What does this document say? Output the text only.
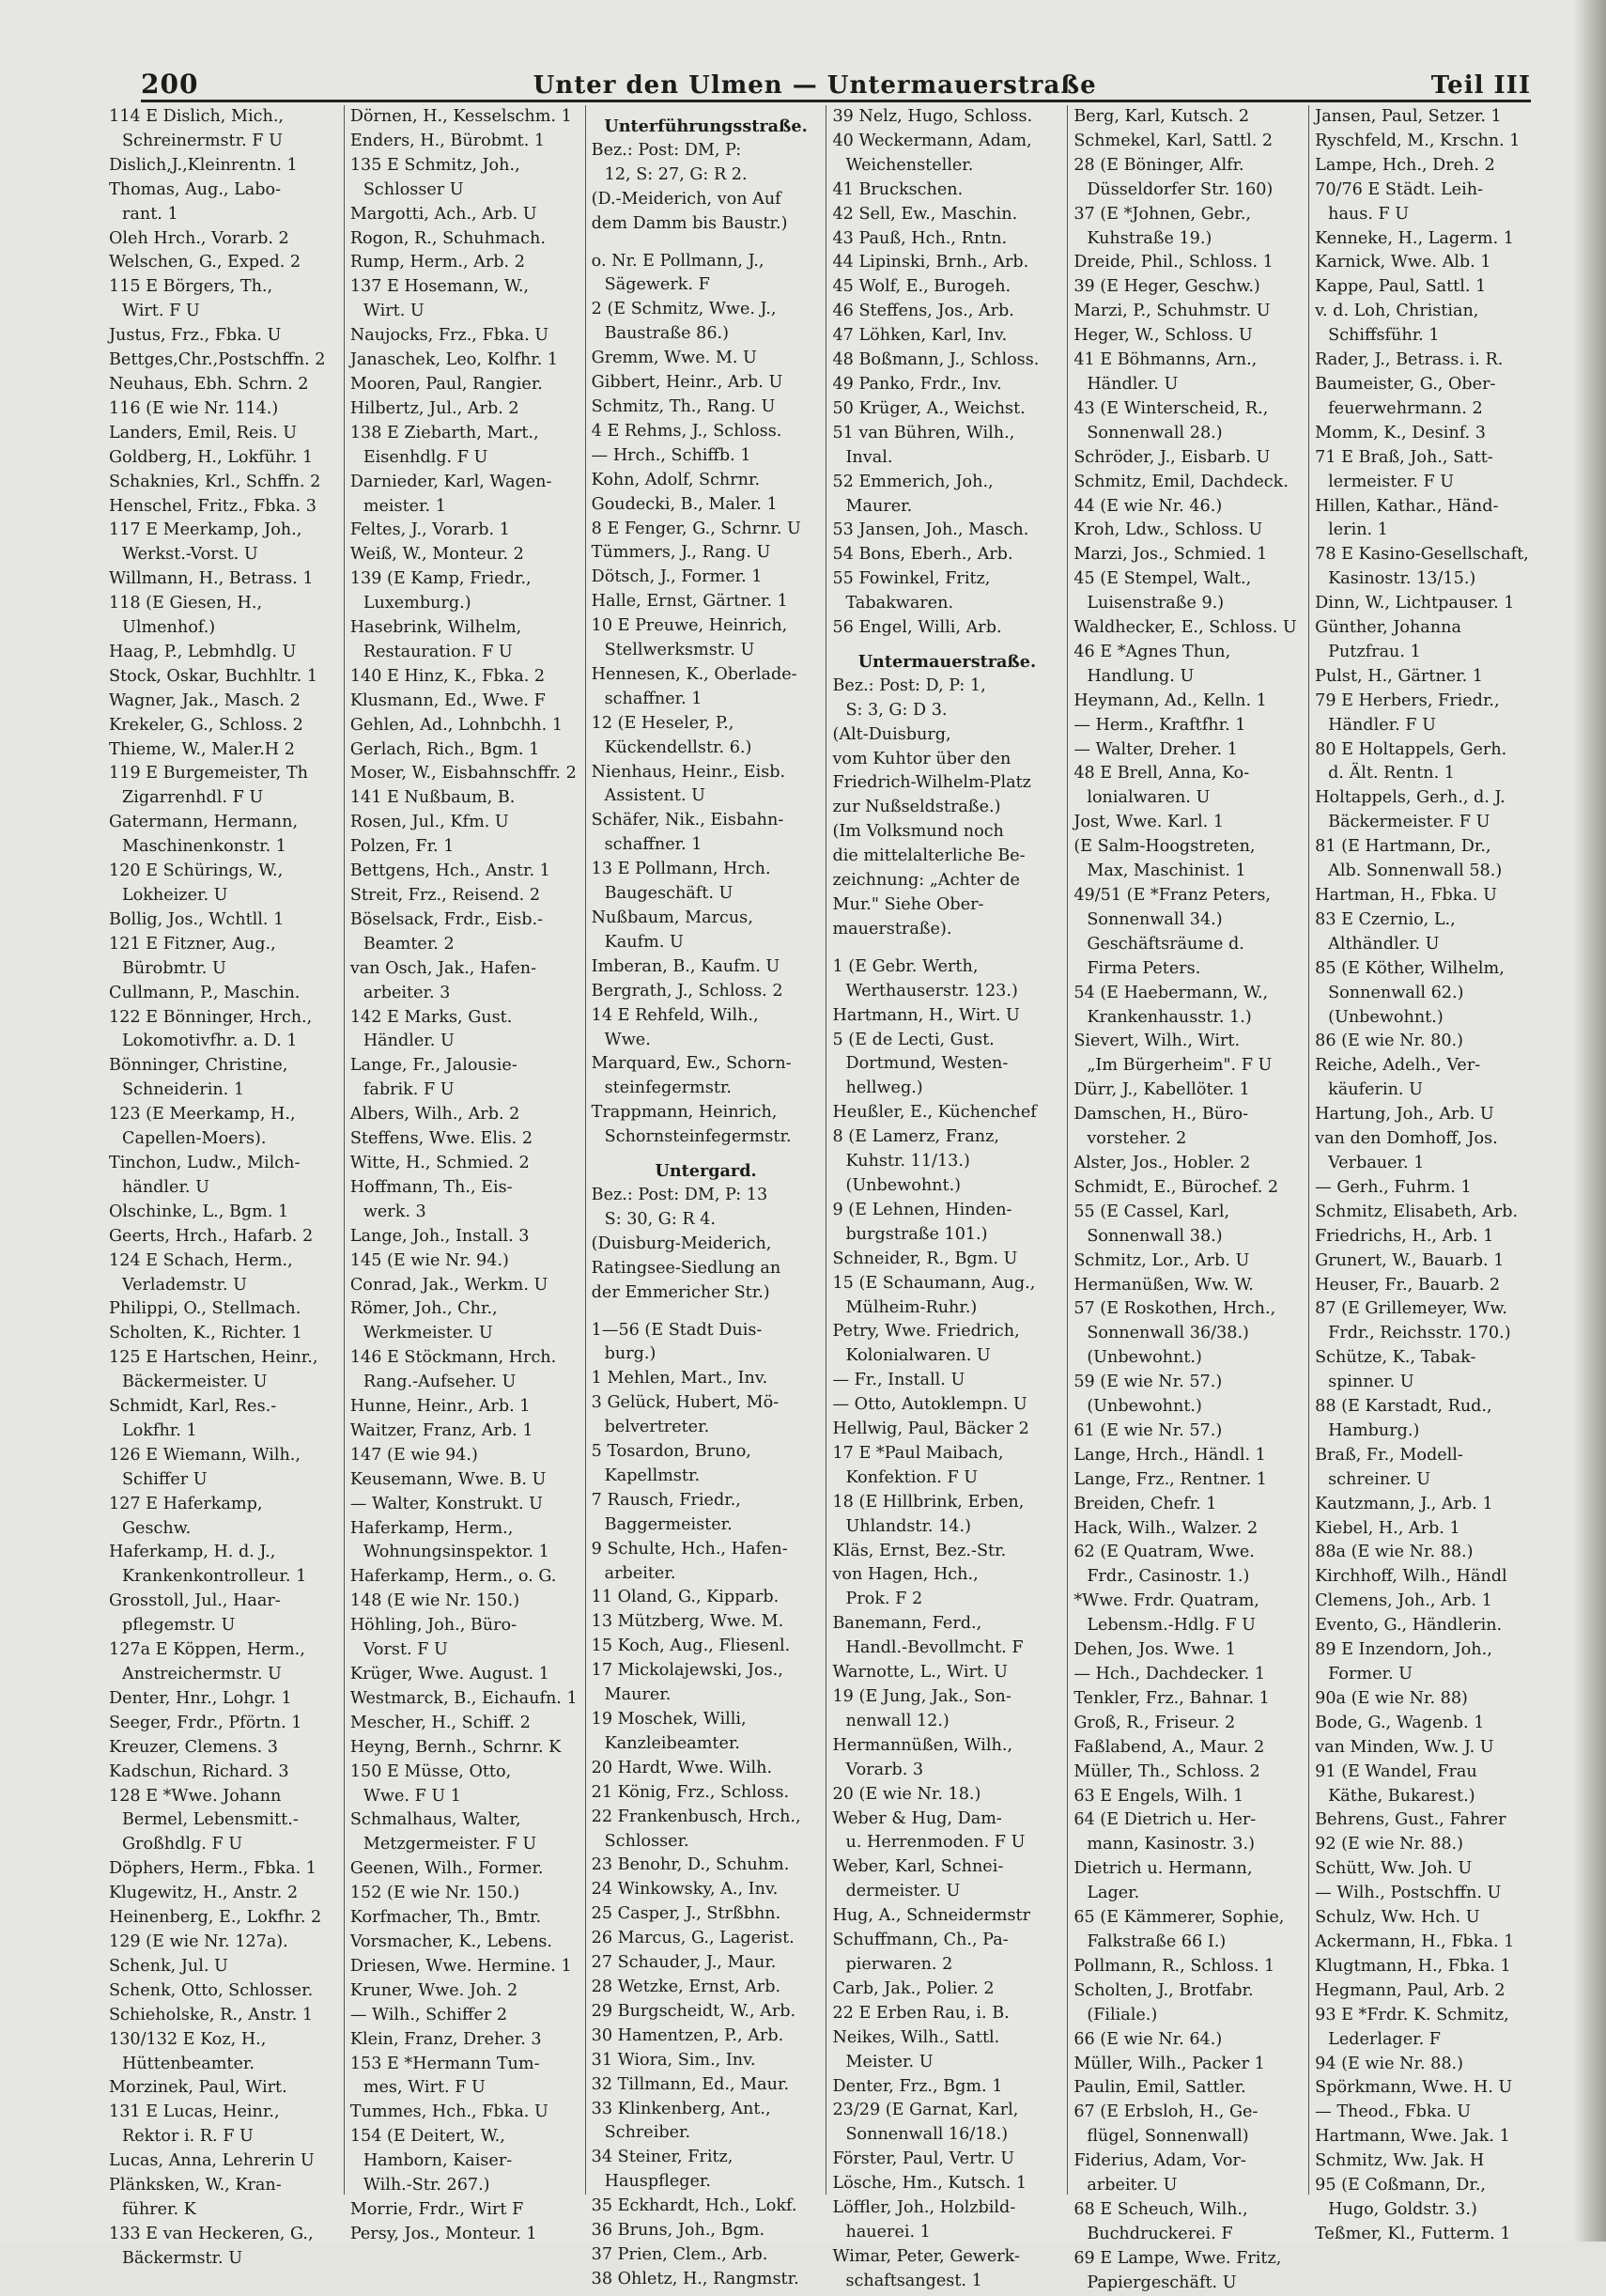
200	Unter den Ulmen — Untermauerstraße	Teil III
114 E Dislich, Mich.,
Schreinermstr. F U
Dislich,J.,Kleinrentn. 1
Thomas, Aug., Labo-
rant. 1
Oleh Hrch., Vorarb. 2
Welschen, G., Exped. 2
115 E Börgers, Th.,
Wirt. F U
Justus, Frz., Fbka. U
Bettges,Chr.,Postschffn. 2
Neuhaus, Ebh. Schrn. 2
116 (E wie Nr. 114.)
Landers, Emil, Reis. U
Goldberg, H., Lokführ. 1
Schaknies, Krl., Schffn. 2
Henschel, Fritz., Fbka. 3
117 E Meerkamp, Joh.,
Werkst.-Vorst. U
Willmann, H., Betrass. 1
118 (E Giesen, H.,
Ulmenhof.)
Haag, P., Lebmhdlg. U
Stock, Oskar, Buchhltr. 1
Wagner, Jak., Masch. 2
Krekeler, G., Schloss. 2
Thieme, W., Maler.H 2
119 E Burgemeister, Th
Zigarrenhdl. F U
Gatermann, Hermann,
Maschinenkonstr. 1
120 E Schürings, W.,
Lokheizer. U
Bollig, Jos., Wchtll. 1
121 E Fitzner, Aug.,
Bürobmtr. U
Cullmann, P., Maschin.
122 E Bönninger, Hrch.,
Lokomotivfhr. a. D. 1
Bönninger, Christine,
Schneiderin. 1
123 (E Meerkamp, H.,
Capellen-Moers).
Tinchon, Ludw., Milch-
händler. U
Olschinke, L., Bgm. 1
Geerts, Hrch., Hafarb. 2
124 E Schach, Herm.,
Verlademstr. U
Philippi, O., Stellmach.
Scholten, K., Richter. 1
125 E Hartschen, Heinr.,
Bäckermeister. U
Schmidt, Karl, Res.-
Lokfhr. 1
126 E Wiemann, Wilh.,
Schiffer U
127 E Haferkamp,
Geschw.
Haferkamp, H. d. J.,
Krankenkontrolleur. 1
Grosstoll, Jul., Haar-
pflegemstr. U
127a E Köppen, Herm.,
Anstreichermstr. U
Denter, Hnr., Lohgr. 1
Seeger, Frdr., Pförtn. 1
Kreuzer, Clemens. 3
Kadschun, Richard. 3
128 E *Wwe. Johann
Bermel, Lebensmitt.-
Großhdlg. F U
Döphers, Herm., Fbka. 1
Klugewitz, H., Anstr. 2
Heinenberg, E., Lokfhr. 2
129 (E wie Nr. 127a).
Schenk, Jul. U
Schenk, Otto, Schlosser.
Schieholske, R., Anstr. 1
130/132 E Koz, H.,
Hüttenbeamter.
Morzinek, Paul, Wirt.
131 E Lucas, Heinr.,
Rektor i. R. F U
Lucas, Anna, Lehrerin U
Plänksken, W., Kran-
führer. K
133 E van Heckeren, G.,
Bäckermstr. U
Dörnen, H., Kesselschm. 1
Enders, H., Bürobmt. 1
135 E Schmitz, Joh.,
Schlosser U
Margotti, Ach., Arb. U
Rogon, R., Schuhmach.
Rump, Herm., Arb. 2
137 E Hosemann, W.,
Wirt. U
Naujocks, Frz., Fbka. U
Janaschek, Leo, Kolfhr. 1
Mooren, Paul, Rangier.
Hilbertz, Jul., Arb. 2
138 E Ziebarth, Mart.,
Eisenhdlg. F U
Darnieder, Karl, Wagen-
meister. 1
Feltes, J., Vorarb. 1
Weiß, W., Monteur. 2
139 (E Kamp, Friedr.,
Luxemburg.)
Hasebrink, Wilhelm,
Restauration. F U
140 E Hinz, K., Fbka. 2
Klusmann, Ed., Wwe. F
Gehlen, Ad., Lohnbchh. 1
Gerlach, Rich., Bgm. 1
Moser, W., Eisbahnschffr. 2
141 E Nußbaum, B.
Rosen, Jul., Kfm. U
Polzen, Fr. 1
Bettgens, Hch., Anstr. 1
Streit, Frz., Reisend. 2
Böselsack, Frdr., Eisb.-
Beamter. 2
van Osch, Jak., Hafen-
arbeiter. 3
142 E Marks, Gust.
Händler. U
Lange, Fr., Jalousie-
fabrik. F U
Albers, Wilh., Arb. 2
Steffens, Wwe. Elis. 2
Witte, H., Schmied. 2
Hoffmann, Th., Eis-
werk. 3
Lange, Joh., Install. 3
145 (E wie Nr. 94.)
Conrad, Jak., Werkm. U
Römer, Joh., Chr.,
Werkmeister. U
146 E Stöckmann, Hrch.
Rang.-Aufseher. U
Hunne, Heinr., Arb. 1
Waitzer, Franz, Arb. 1
147 (E wie 94.)
Keusemann, Wwe. B. U
— Walter, Konstrukt. U
Haferkamp, Herm.,
Wohnungsinspektor. 1
Haferkamp, Herm., o. G.
148 (E wie Nr. 150.)
Höhling, Joh., Büro-
Vorst. F U
Krüger, Wwe. August. 1
Westmarck, B., Eichaufn. 1
Mescher, H., Schiff. 2
Heyng, Bernh., Schrnr. K
150 E Müsse, Otto,
Wwe. F U 1
Schmalhaus, Walter,
Metzgermeister. F U
Geenen, Wilh., Former.
152 (E wie Nr. 150.)
Korfmacher, Th., Bmtr.
Vorsmacher, K., Lebens.
Driesen, Wwe. Hermine. 1
Kruner, Wwe. Joh. 2
— Wilh., Schiffer 2
Klein, Franz, Dreher. 3
153 E *Hermann Tum-
mes, Wirt. F U
Tummes, Hch., Fbka. U
154 (E Deitert, W.,
Hamborn, Kaiser-
Wilh.-Str. 267.)
Morrie, Frdr., Wirt F
Persy, Jos., Monteur. 1
Unterführungsstraße.
Bez.: Post: DM, P:
12, S: 27, G: R 2.
(D.-Meiderich, von Auf
dem Damm bis Baustr.)
o. Nr. E Pollmann, J.,
Sägewerk. F
2 (E Schmitz, Wwe. J.,
Baustraße 86.)
Gremm, Wwe. M. U
Gibbert, Heinr., Arb. U
Schmitz, Th., Rang. U
4 E Rehms, J., Schloss.
— Hrch., Schiffb. 1
Kohn, Adolf, Schrnr.
Goudecki, B., Maler. 1
8 E Fenger, G., Schrnr. U
Tümmers, J., Rang. U
Dötsch, J., Former. 1
Halle, Ernst, Gärtner. 1
10 E Preuwe, Heinrich,
Stellwerksmstr. U
Hennesen, K., Oberlade-
schaffner. 1
12 (E Heseler, P.,
Kückendellstr. 6.)
Nienhaus, Heinr., Eisb.
Assistent. U
Schäfer, Nik., Eisbahn-
schaffner. 1
13 E Pollmann, Hrch.
Baugeschäft. U
Nußbaum, Marcus,
Kaufm. U
Imberan, B., Kaufm. U
Bergrath, J., Schloss. 2
14 E Rehfeld, Wilh.,
Wwe.
Marquard, Ew., Schorn-
steinfegermstr.
Trappmann, Heinrich,
Schornsteinfegermstr.
Untergard.
Bez.: Post: DM, P: 13
S: 30, G: R 4.
(Duisburg-Meiderich,
Ratingsee-Siedlung an
der Emmericher Str.)
1—56 (E Stadt Duis-
burg.)
1 Mehlen, Mart., Inv.
3 Gelück, Hubert, Mö-
belvertreter.
5 Tosardon, Bruno,
Kapellmstr.
7 Rausch, Friedr.,
Baggermeister.
9 Schulte, Hch., Hafen-
arbeiter.
11 Oland, G., Kipparb.
13 Mützberg, Wwe. M.
15 Koch, Aug., Fliesenl.
17 Mickolajewski, Jos.,
Maurer.
19 Moschek, Willi,
Kanzleibeamter.
20 Hardt, Wwe. Wilh.
21 König, Frz., Schloss.
22 Frankenbusch, Hrch.,
Schlosser.
23 Benohr, D., Schuhm.
24 Winkowsky, A., Inv.
25 Casper, J., Strßbhn.
26 Marcus, G., Lagerist.
27 Schauder, J., Maur.
28 Wetzke, Ernst, Arb.
29 Burgscheidt, W., Arb.
30 Hamentzen, P., Arb.
31 Wiora, Sim., Inv.
32 Tillmann, Ed., Maur.
33 Klinkenberg, Ant.,
Schreiber.
34 Steiner, Fritz,
Hauspfleger.
35 Eckhardt, Hch., Lokf.
36 Bruns, Joh., Bgm.
37 Prien, Clem., Arb.
38 Ohletz, H., Rangmstr.
39 Nelz, Hugo, Schloss.
40 Weckermann, Adam,
Weichensteller.
41 Bruckschen.
42 Sell, Ew., Maschin.
43 Pauß, Hch., Rntn.
44 Lipinski, Brnh., Arb.
45 Wolf, E., Burogeh.
46 Steffens, Jos., Arb.
47 Löhken, Karl, Inv.
48 Boßmann, J., Schloss.
49 Panko, Frdr., Inv.
50 Krüger, A., Weichst.
51 van Bühren, Wilh.,
Inval.
52 Emmerich, Joh.,
Maurer.
53 Jansen, Joh., Masch.
54 Bons, Eberh., Arb.
55 Fowinkel, Fritz,
Tabakwaren.
56 Engel, Willi, Arb.
Untermauerstraße.
Bez.: Post: D, P: 1,
S: 3, G: D 3.
(Alt-Duisburg,
vom Kuhtor über den
Friedrich-Wilhelm-Platz
zur Nußseldstraße.)
(Im Volksmund noch
die mittelalterliche Be-
zeichnung: „Achter de
Mur." Siehe Ober-
mauerstraße).
1 (E Gebr. Werth,
Werthauserstr. 123.)
Hartmann, H., Wirt. U
5 (E de Lecti, Gust.
Dortmund, Westen-
hellweg.)
Heußler, E., Küchenchef
8 (E Lamerz, Franz,
Kuhstr. 11/13.)
(Unbewohnt.)
9 (E Lehnen, Hinden-
burgstraße 101.)
Schneider, R., Bgm. U
15 (E Schaumann, Aug.,
Mülheim-Ruhr.)
Petry, Wwe. Friedrich,
Kolonialwaren. U
— Fr., Install. U
— Otto, Autoklempn. U
Hellwig, Paul, Bäcker 2
17 E *Paul Maibach,
Konfektion. F U
18 (E Hillbrink, Erben,
Uhlandstr. 14.)
Kläs, Ernst, Bez.-Str.
von Hagen, Hch.,
Prok. F 2
Banemann, Ferd.,
Handl.-Bevollmcht. F
Warnotte, L., Wirt. U
19 (E Jung, Jak., Son-
nenwall 12.)
Hermannüßen, Wilh.,
Vorarb. 3
20 (E wie Nr. 18.)
Weber & Hug, Dam-
u. Herrenmoden. F U
Weber, Karl, Schnei-
dermeister. U
Hug, A., Schneidermstr
Schuffmann, Ch., Pa-
pierwaren. 2
Carb, Jak., Polier. 2
22 E Erben Rau, i. B.
Neikes, Wilh., Sattl.
Meister. U
Denter, Frz., Bgm. 1
23/29 (E Garnat, Karl,
Sonnenwall 16/18.)
Förster, Paul, Vertr. U
Lösche, Hm., Kutsch. 1
Löffler, Joh., Holzbild-
hauerei. 1
Wimar, Peter, Gewerk-
schaftsangest. 1
Berg, Karl, Kutsch. 2
Schmekel, Karl, Sattl. 2
28 (E Böninger, Alfr.
Düsseldorfer Str. 160)
37 (E *Johnen, Gebr.,
Kuhstraße 19.)
Dreide, Phil., Schloss. 1
39 (E Heger, Geschw.)
Marzi, P., Schuhmstr. U
Heger, W., Schloss. U
41 E Böhmanns, Arn.,
Händler. U
43 (E Winterscheid, R.,
Sonnenwall 28.)
Schröder, J., Eisbarb. U
Schmitz, Emil, Dachdeck.
44 (E wie Nr. 46.)
Kroh, Ldw., Schloss. U
Marzi, Jos., Schmied. 1
45 (E Stempel, Walt.,
Luisenstraße 9.)
Waldhecker, E., Schloss. U
46 E *Agnes Thun,
Handlung. U
Heymann, Ad., Kelln. 1
— Herm., Kraftfhr. 1
— Walter, Dreher. 1
48 E Brell, Anna, Ko-
lonialwaren. U
Jost, Wwe. Karl. 1
(E Salm-Hoogstreten,
Max, Maschinist. 1
49/51 (E *Franz Peters,
Sonnenwall 34.)
Geschäftsräume d.
Firma Peters.
54 (E Haebermann, W.,
Krankenhausstr. 1.)
Sievert, Wilh., Wirt.
„Im Bürgerheim". F U
Dürr, J., Kabellöter. 1
Damschen, H., Büro-
vorsteher. 2
Alster, Jos., Hobler. 2
Schmidt, E., Bürochef. 2
55 (E Cassel, Karl,
Sonnenwall 38.)
Schmitz, Lor., Arb. U
Hermanüßen, Ww. W.
57 (E Roskothen, Hrch.,
Sonnenwall 36/38.)
(Unbewohnt.)
59 (E wie Nr. 57.)
(Unbewohnt.)
61 (E wie Nr. 57.)
Lange, Hrch., Händl. 1
Lange, Frz., Rentner. 1
Breiden, Chefr. 1
Hack, Wilh., Walzer. 2
62 (E Quatram, Wwe.
Frdr., Casinostr. 1.)
*Wwe. Frdr. Quatram,
Lebensm.-Hdlg. F U
Dehen, Jos. Wwe. 1
— Hch., Dachdecker. 1
Tenkler, Frz., Bahnar. 1
Groß, R., Friseur. 2
Faßlabend, A., Maur. 2
Müller, Th., Schloss. 2
63 E Engels, Wilh. 1
64 (E Dietrich u. Her-
mann, Kasinostr. 3.)
Dietrich u. Hermann,
Lager.
65 (E Kämmerer, Sophie,
Falkstraße 66 I.)
Pollmann, R., Schloss. 1
Scholten, J., Brotfabr.
(Filiale.)
66 (E wie Nr. 64.)
Müller, Wilh., Packer 1
Paulin, Emil, Sattler.
67 (E Erbsloh, H., Ge-
flügel, Sonnenwall)
Fiderius, Adam, Vor-
arbeiter. U
68 E Scheuch, Wilh.,
Buchdruckerei. F
69 E Lampe, Wwe. Fritz,
Papiergeschäft. U
Jansen, Paul, Setzer. 1
Ryschfeld, M., Krschn. 1
Lampe, Hch., Dreh. 2
70/76 E Städt. Leih-
haus. F U
Kenneke, H., Lagerm. 1
Karnick, Wwe. Alb. 1
Kappe, Paul, Sattl. 1
v. d. Loh, Christian,
Schiffsführ. 1
Rader, J., Betrass. i. R.
Baumeister, G., Ober-
feuerwehrmann. 2
Momm, K., Desinf. 3
71 E Braß, Joh., Satt-
lermeister. F U
Hillen, Kathar., Händ-
lerin. 1
78 E Kasino-Gesellschaft,
Kasinostr. 13/15.)
Dinn, W., Lichtpauser. 1
Günther, Johanna
Putzfrau. 1
Pulst, H., Gärtner. 1
79 E Herbers, Friedr.,
Händler. F U
80 E Holtappels, Gerh.
d. Ält. Rentn. 1
Holtappels, Gerh., d. J.
Bäckermeister. F U
81 (E Hartmann, Dr.,
Alb. Sonnenwall 58.)
Hartman, H., Fbka. U
83 E Czernio, L.,
Althändler. U
85 (E Köther, Wilhelm,
Sonnenwall 62.)
(Unbewohnt.)
86 (E wie Nr. 80.)
Reiche, Adelh., Ver-
käuferin. U
Hartung, Joh., Arb. U
van den Domhoff, Jos.
Verbauer. 1
— Gerh., Fuhrm. 1
Schmitz, Elisabeth, Arb.
Friedrichs, H., Arb. 1
Grunert, W., Bauarb. 1
Heuser, Fr., Bauarb. 2
87 (E Grillemeyer, Ww.
Frdr., Reichsstr. 170.)
Schütze, K., Tabak-
spinner. U
88 (E Karstadt, Rud.,
Hamburg.)
Braß, Fr., Modell-
schreiner. U
Kautzmann, J., Arb. 1
Kiebel, H., Arb. 1
88a (E wie Nr. 88.)
Kirchhoff, Wilh., Händl
Clemens, Joh., Arb. 1
Evento, G., Händlerin.
89 E Inzendorn, Joh.,
Former. U
90a (E wie Nr. 88)
Bode, G., Wagenb. 1
van Minden, Ww. J. U
91 (E Wandel, Frau
Käthe, Bukarest.)
Behrens, Gust., Fahrer
92 (E wie Nr. 88.)
Schütt, Ww. Joh. U
— Wilh., Postschffn. U
Schulz, Ww. Hch. U
Ackermann, H., Fbka. 1
Klugtmann, H., Fbka. 1
Hegmann, Paul, Arb. 2
93 E *Frdr. K. Schmitz,
Lederlager. F
94 (E wie Nr. 88.)
Spörkmann, Wwe. H. U
— Theod., Fbka. U
Hartmann, Wwe. Jak. 1
Schmitz, Ww. Jak. H
95 (E Coßmann, Dr.,
Hugo, Goldstr. 3.)
Teßmer, Kl., Futterm. 1
